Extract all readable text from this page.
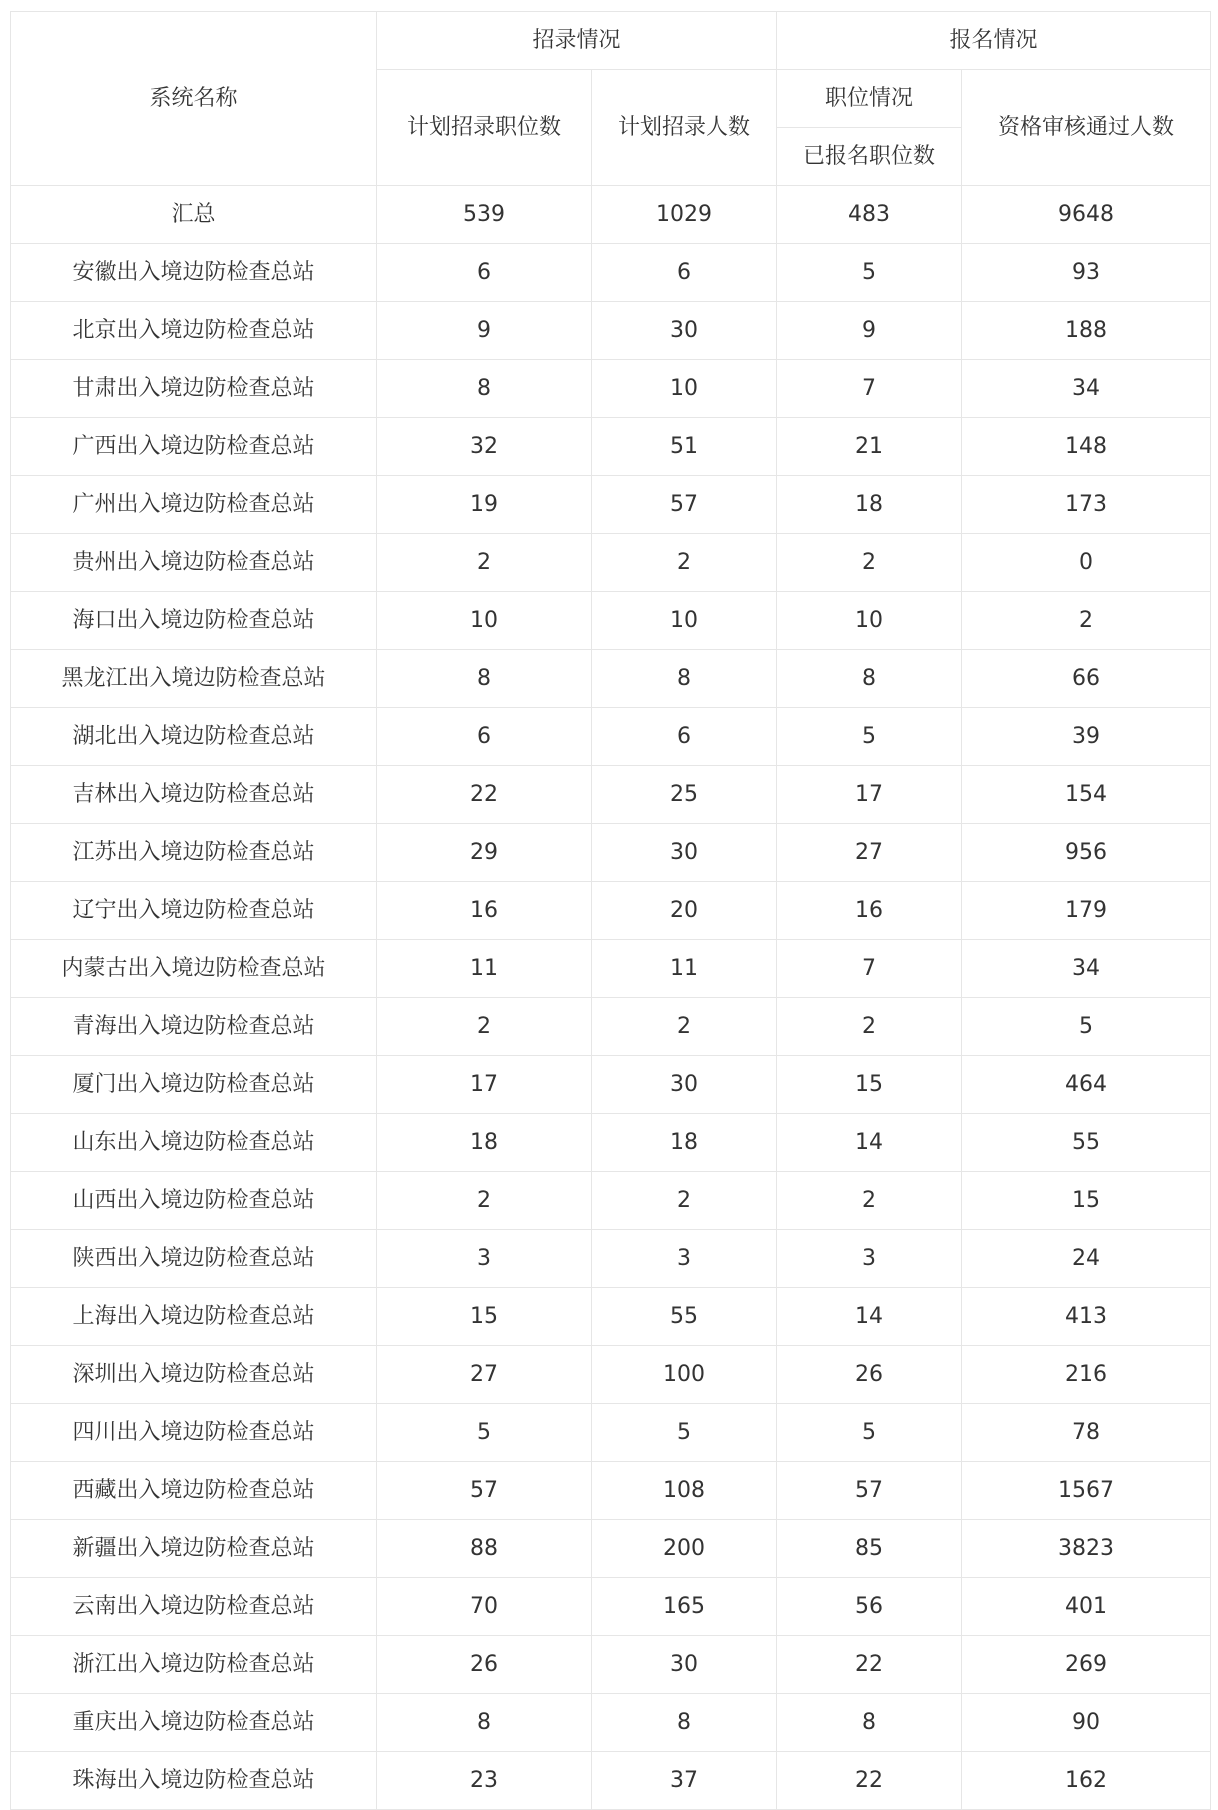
系统名称	招录情况		报名情况	
	计划招录职位数	计划招录人数	职位情况	资格审核通过人数
			已报名职位数	
汇总	539	1029	483	9648
安徽出入境边防检查总站	6	6	5	93
北京出入境边防检查总站	9	30	9	188
甘肃出入境边防检查总站	8	10	7	34
广西出入境边防检查总站	32	51	21	148
广州出入境边防检查总站	19	57	18	173
贵州出入境边防检查总站	2	2	2	0
海口出入境边防检查总站	10	10	10	2
黑龙江出入境边防检查总站	8	8	8	66
湖北出入境边防检查总站	6	6	5	39
吉林出入境边防检查总站	22	25	17	154
江苏出入境边防检查总站	29	30	27	956
辽宁出入境边防检查总站	16	20	16	179
内蒙古出入境边防检查总站	11	11	7	34
青海出入境边防检查总站	2	2	2	5
厦门出入境边防检查总站	17	30	15	464
山东出入境边防检查总站	18	18	14	55
山西出入境边防检查总站	2	2	2	15
陕西出入境边防检查总站	3	3	3	24
上海出入境边防检查总站	15	55	14	413
深圳出入境边防检查总站	27	100	26	216
四川出入境边防检查总站	5	5	5	78
西藏出入境边防检查总站	57	108	57	1567
新疆出入境边防检查总站	88	200	85	3823
云南出入境边防检查总站	70	165	56	401
浙江出入境边防检查总站	26	30	22	269
重庆出入境边防检查总站	8	8	8	90
珠海出入境边防检查总站	23	37	22	162
